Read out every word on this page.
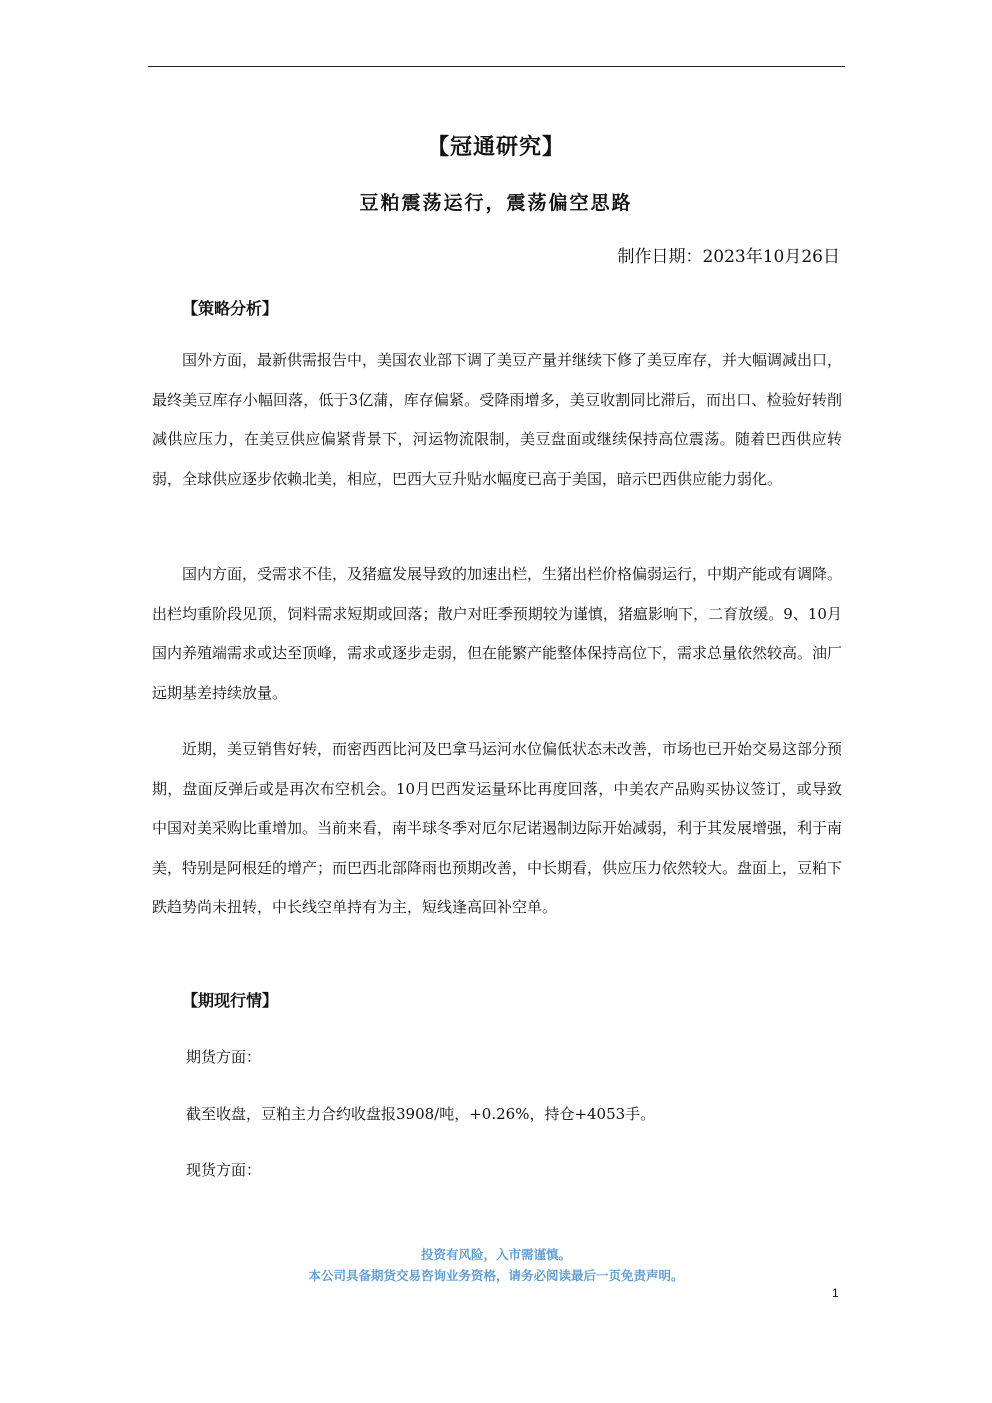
【冠通研究】
豆粕震荡运行，震荡偏空思路
制作日期：2023年10月26日
【策略分析】

国外方面，最新供需报告中，美国农业部下调了美豆产量并继续下修了美豆库存，并大幅调减出口，最终美豆库存小幅回落，低于3亿蒲，库存偏紧。受降雨增多，美豆收割同比滞后，而出口、检验好转削减供应压力，在美豆供应偏紧背景下，河运物流限制，美豆盘面或继续保持高位震荡。随着巴西供应转弱，全球供应逐步依赖北美，相应，巴西大豆升贴水幅度已高于美国，暗示巴西供应能力弱化。

国内方面，受需求不佳，及猪瘟发展导致的加速出栏，生猪出栏价格偏弱运行，中期产能或有调降。出栏均重阶段见顶，饲料需求短期或回落；散户对旺季预期较为谨慎，猪瘟影响下，二育放缓。9、10月国内养殖端需求或达至顶峰，需求或逐步走弱，但在能繁产能整体保持高位下，需求总量依然较高。油厂远期基差持续放量。

近期，美豆销售好转，而密西西比河及巴拿马运河水位偏低状态未改善，市场也已开始交易这部分预期，盘面反弹后或是再次布空机会。10月巴西发运量环比再度回落，中美农产品购买协议签订，或导致中国对美采购比重增加。当前来看，南半球冬季对厄尔尼诺遏制边际开始减弱，利于其发展增强，利于南美，特别是阿根廷的增产；而巴西北部降雨也预期改善，中长期看，供应压力依然较大。盘面上，豆粕下跌趋势尚未扭转，中长线空单持有为主，短线逢高回补空单。

【期现行情】
期货方面：
截至收盘，豆粕主力合约收盘报3908/吨，+0.26%，持仓+4053手。
现货方面：
投资有风险，入市需谨慎。
本公司具备期货交易咨询业务资格，请务必阅读最后一页免责声明。
1
